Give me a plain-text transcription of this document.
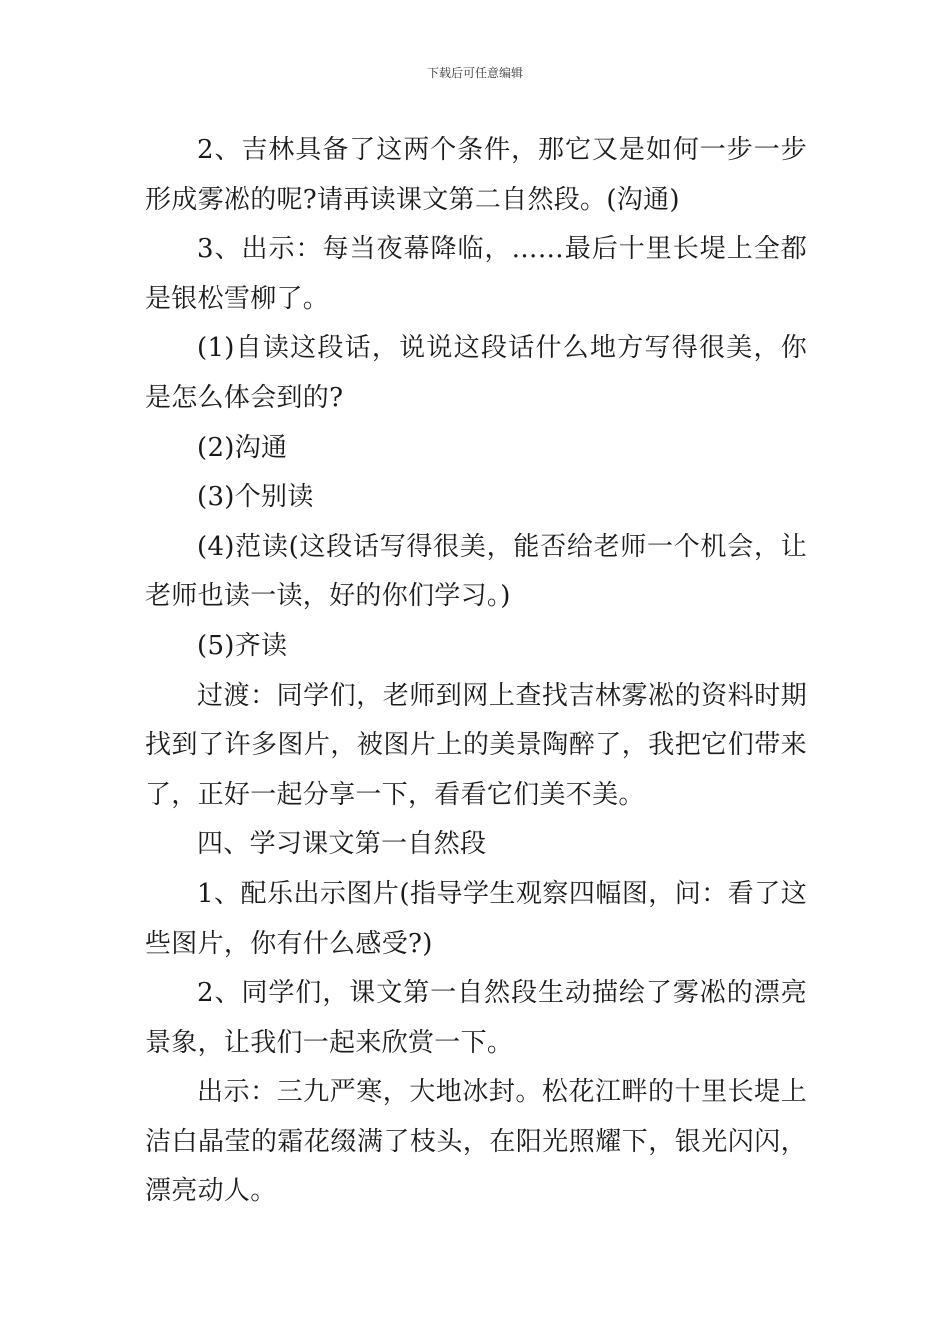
下载后可任意编辑

2、吉林具备了这两个条件，那它又是如何一步一步形成雾凇的呢?请再读课文第二自然段。(沟通)

3、出示：每当夜幕降临，……最后十里长堤上全都是银松雪柳了。

(1)自读这段话，说说这段话什么地方写得很美，你是怎么体会到的?

(2)沟通

(3)个别读

(4)范读(这段话写得很美，能否给老师一个机会，让老师也读一读，好的你们学习。)

(5)齐读

过渡：同学们，老师到网上查找吉林雾凇的资料时期找到了许多图片，被图片上的美景陶醉了，我把它们带来了，正好一起分享一下，看看它们美不美。

四、学习课文第一自然段

1、配乐出示图片(指导学生观察四幅图，问：看了这些图片，你有什么感受?)

2、同学们，课文第一自然段生动描绘了雾凇的漂亮景象，让我们一起来欣赏一下。

出示：三九严寒，大地冰封。松花江畔的十里长堤上洁白晶莹的霜花缀满了枝头，在阳光照耀下，银光闪闪，漂亮动人。
